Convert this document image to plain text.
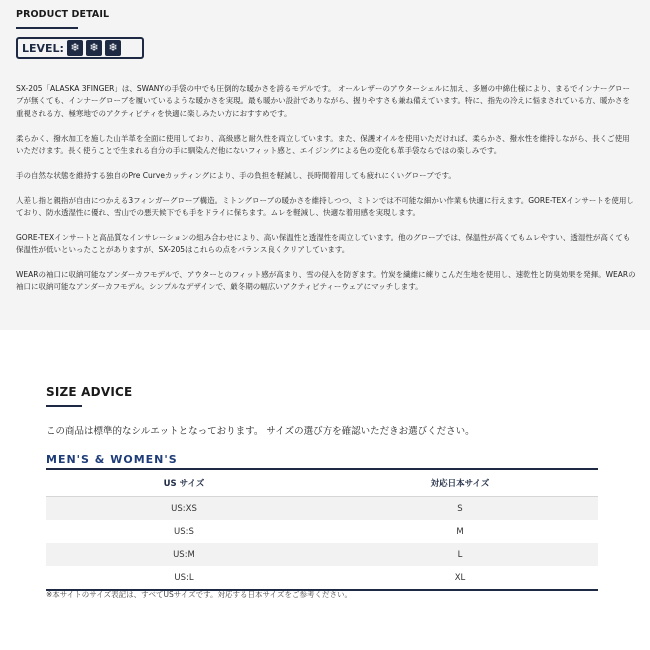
PRODUCT DETAIL
LEVEL: ❄ ❄ ❄

SX-205「ALASKA 3FINGER」は、SWANYの手袋の中でも圧倒的な暖かさを誇るモデルです。 オールレザーのアウターシェルに加え、多層の中綿仕様により、まるでインナーグローブが無くても、インナーグローブを履いているような暖かさを実現。最も暖かい設計でありながら、握りやすさも兼ね備えています。特に、指先の冷えに悩まされている方、暖かさを重視される方、極寒地でのアクティビティを快適に楽しみたい方におすすめです。

柔らかく、撥水加工を施した山羊革を全面に使用しており、高級感と耐久性を両立しています。また、保護オイルを使用いただければ、柔らかさ、撥水性を維持しながら、長くご使用いただけます。長く使うことで生まれる自分の手に馴染んだ他にないフィット感と、エイジングによる色の変化も革手袋ならではの楽しみです。

手の自然な状態を維持する独自のPre Curveカッティングにより、手の負担を軽減し、長時間着用しても疲れにくいグローブです。

人差し指と親指が自由につかえる3フィンガーグローブ構造。ミトングローブの暖かさを維持しつつ、ミトンでは不可能な細かい作業も快適に行えます。GORE-TEXインサートを使用しており、防水透湿性に優れ、雪山での悪天候下でも手をドライに保ちます。ムレを軽減し、快適な着用感を実現します。

GORE-TEXインサートと高品質なインサレーションの組み合わせにより、高い保温性と透湿性を両立しています。他のグローブでは、保温性が高くてもムレやすい、透湿性が高くても保温性が低いといったことがありますが、SX-205はこれらの点をバランス良くクリアしています。

WEARの袖口に収納可能なアンダーカフモデルで、アウターとのフィット感が高まり、雪の侵入を防ぎます。竹炭を繊維に練りこんだ生地を使用し、速乾性と防臭効果を発揮。WEARの袖口に収納可能なアンダーカフモデル。シンプルなデザインで、厳冬期の幅広いアクティビティーウェアにマッチします。

SIZE ADVICE
この商品は標準的なシルエットとなっております。 サイズの選び方を確認いただきお選びください。
MEN'S & WOMEN'S
US サイズ	対応日本サイズ
US:XS	S
US:S	M
US:M	L
US:L	XL
※本サイトのサイズ表記は、すべてUSサイズです。対応する日本サイズをご参考ください。
